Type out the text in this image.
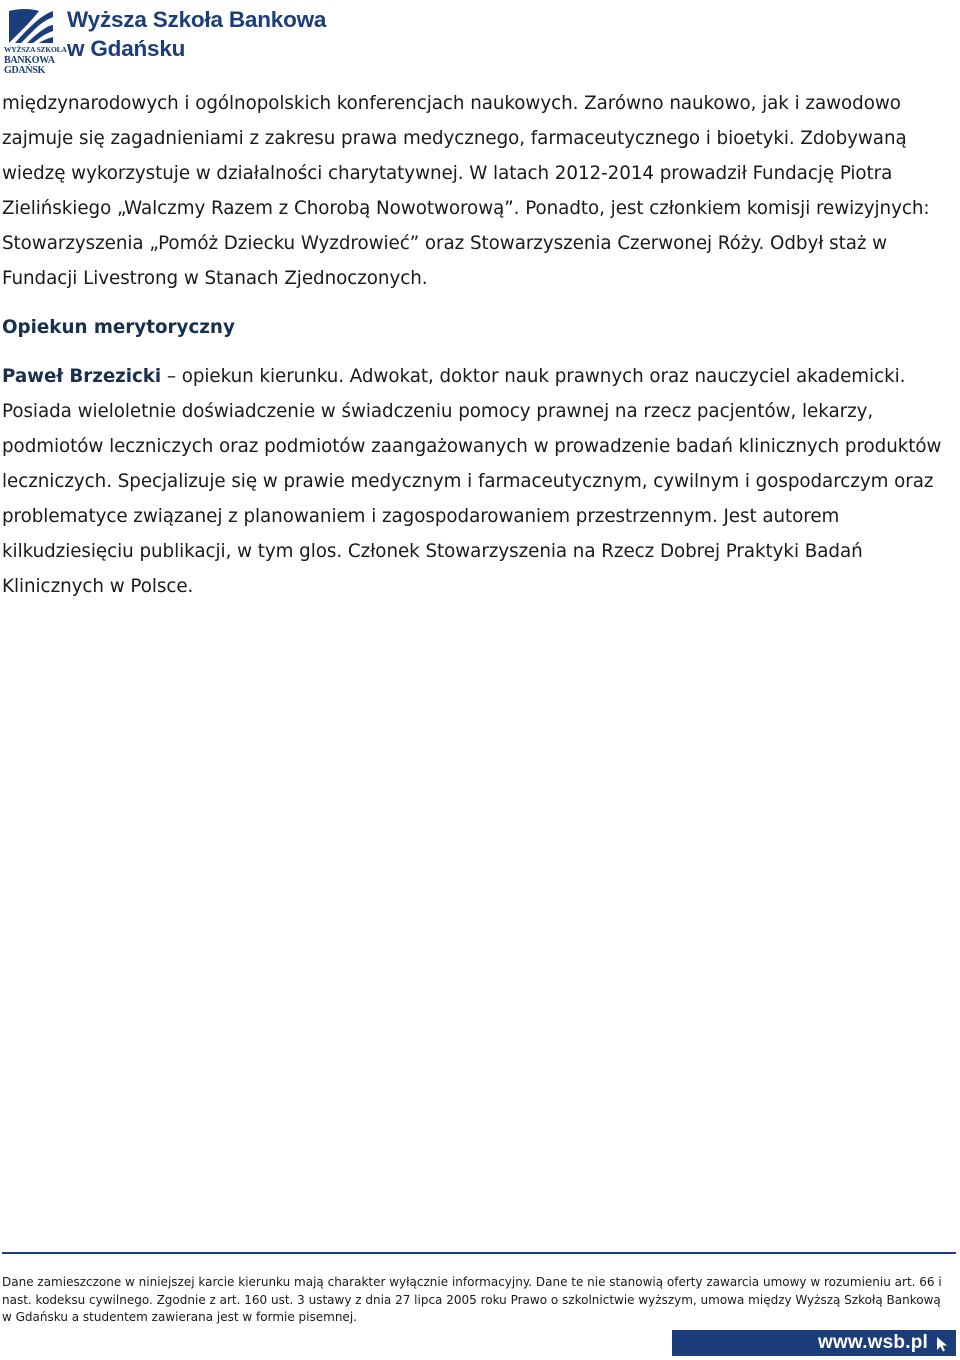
WYŻSZA SZKOŁA
BANKOWA
GDAŃSK
Wyższa Szkoła Bankowa
w Gdańsku

międzynarodowych i ogólnopolskich konferencjach naukowych. Zarówno naukowo, jak i zawodowo zajmuje się zagadnieniami z zakresu prawa medycznego, farmaceutycznego i bioetyki. Zdobywaną wiedzę wykorzystuje w działalności charytatywnej. W latach 2012-2014 prowadził Fundację Piotra Zielińskiego „Walczmy Razem z Chorobą Nowotworową”. Ponadto, jest członkiem komisji rewizyjnych: Stowarzyszenia „Pomóż Dziecku Wyzdrowieć” oraz Stowarzyszenia Czerwonej Róży. Odbył staż w Fundacji Livestrong w Stanach Zjednoczonych.

Opiekun merytoryczny

Paweł Brzezicki – opiekun kierunku. Adwokat, doktor nauk prawnych oraz nauczyciel akademicki. Posiada wieloletnie doświadczenie w świadczeniu pomocy prawnej na rzecz pacjentów, lekarzy, podmiotów leczniczych oraz podmiotów zaangażowanych w prowadzenie badań klinicznych produktów leczniczych. Specjalizuje się w prawie medycznym i farmaceutycznym, cywilnym i gospodarczym oraz problematyce związanej z planowaniem i zagospodarowaniem przestrzennym. Jest autorem kilkudziesięciu publikacji, w tym glos. Członek Stowarzyszenia na Rzecz Dobrej Praktyki Badań Klinicznych w Polsce.

Dane zamieszczone w niniejszej karcie kierunku mają charakter wyłącznie informacyjny. Dane te nie stanowią oferty zawarcia umowy w rozumieniu art. 66 i nast. kodeksu cywilnego. Zgodnie z art. 160 ust. 3 ustawy z dnia 27 lipca 2005 roku Prawo o szkolnictwie wyższym, umowa między Wyższą Szkołą Bankową w Gdańsku a studentem zawierana jest w formie pisemnej.
www.wsb.pl
